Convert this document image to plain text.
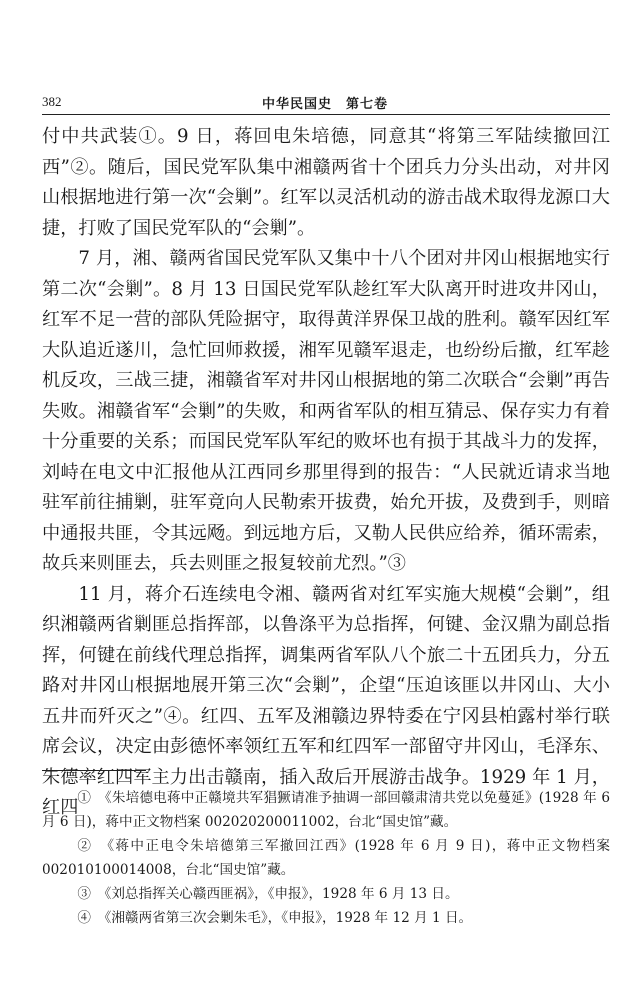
382	中华民国史　第七卷

付中共武装①。9 日，蒋回电朱培德，同意其“将第三军陆续撤回江西”②。随后，国民党军队集中湘赣两省十个团兵力分头出动，对井冈山根据地进行第一次“会剿”。红军以灵活机动的游击战术取得龙源口大捷，打败了国民党军队的“会剿”。

7 月，湘、赣两省国民党军队又集中十八个团对井冈山根据地实行第二次“会剿”。8 月 13 日国民党军队趁红军大队离开时进攻井冈山，红军不足一营的部队凭险据守，取得黄洋界保卫战的胜利。赣军因红军大队追近遂川，急忙回师救援，湘军见赣军退走，也纷纷后撤，红军趁机反攻，三战三捷，湘赣省军对井冈山根据地的第二次联合“会剿”再告失败。湘赣省军“会剿”的失败，和两省军队的相互猜忌、保存实力有着十分重要的关系；而国民党军队军纪的败坏也有损于其战斗力的发挥，刘峙在电文中汇报他从江西同乡那里得到的报告：“人民就近请求当地驻军前往捕剿，驻军竟向人民勒索开拔费，始允开拔，及费到手，则暗中通报共匪，令其远飏。到远地方后，又勒人民供应给养，循环需索，故兵来则匪去，兵去则匪之报复较前尤烈。”③

11 月，蒋介石连续电令湘、赣两省对红军实施大规模“会剿”，组织湘赣两省剿匪总指挥部，以鲁涤平为总指挥，何键、金汉鼎为副总指挥，何键在前线代理总指挥，调集两省军队八个旅二十五团兵力，分五路对井冈山根据地展开第三次“会剿”，企望“压迫该匪以井冈山、大小五井而歼灭之”④。红四、五军及湘赣边界特委在宁冈县柏露村举行联席会议，决定由彭德怀率领红五军和红四军一部留守井冈山，毛泽东、朱德率红四军主力出击赣南，插入敌后开展游击战争。1929 年 1 月，红四

①　《朱培德电蒋中正赣境共军猖獗请准予抽调一部回赣肃清共党以免蔓延》(1928 年 6 月 6 日)，蒋中正文物档案 002020200011002，台北“国史馆”藏。

②　《蒋中正电令朱培德第三军撤回江西》(1928 年 6 月 9 日)，蒋中正文物档案 002010100014008，台北“国史馆”藏。

③　《刘总指挥关心赣西匪祸》，《申报》，1928 年 6 月 13 日。

④　《湘赣两省第三次会剿朱毛》，《申报》，1928 年 12 月 1 日。
